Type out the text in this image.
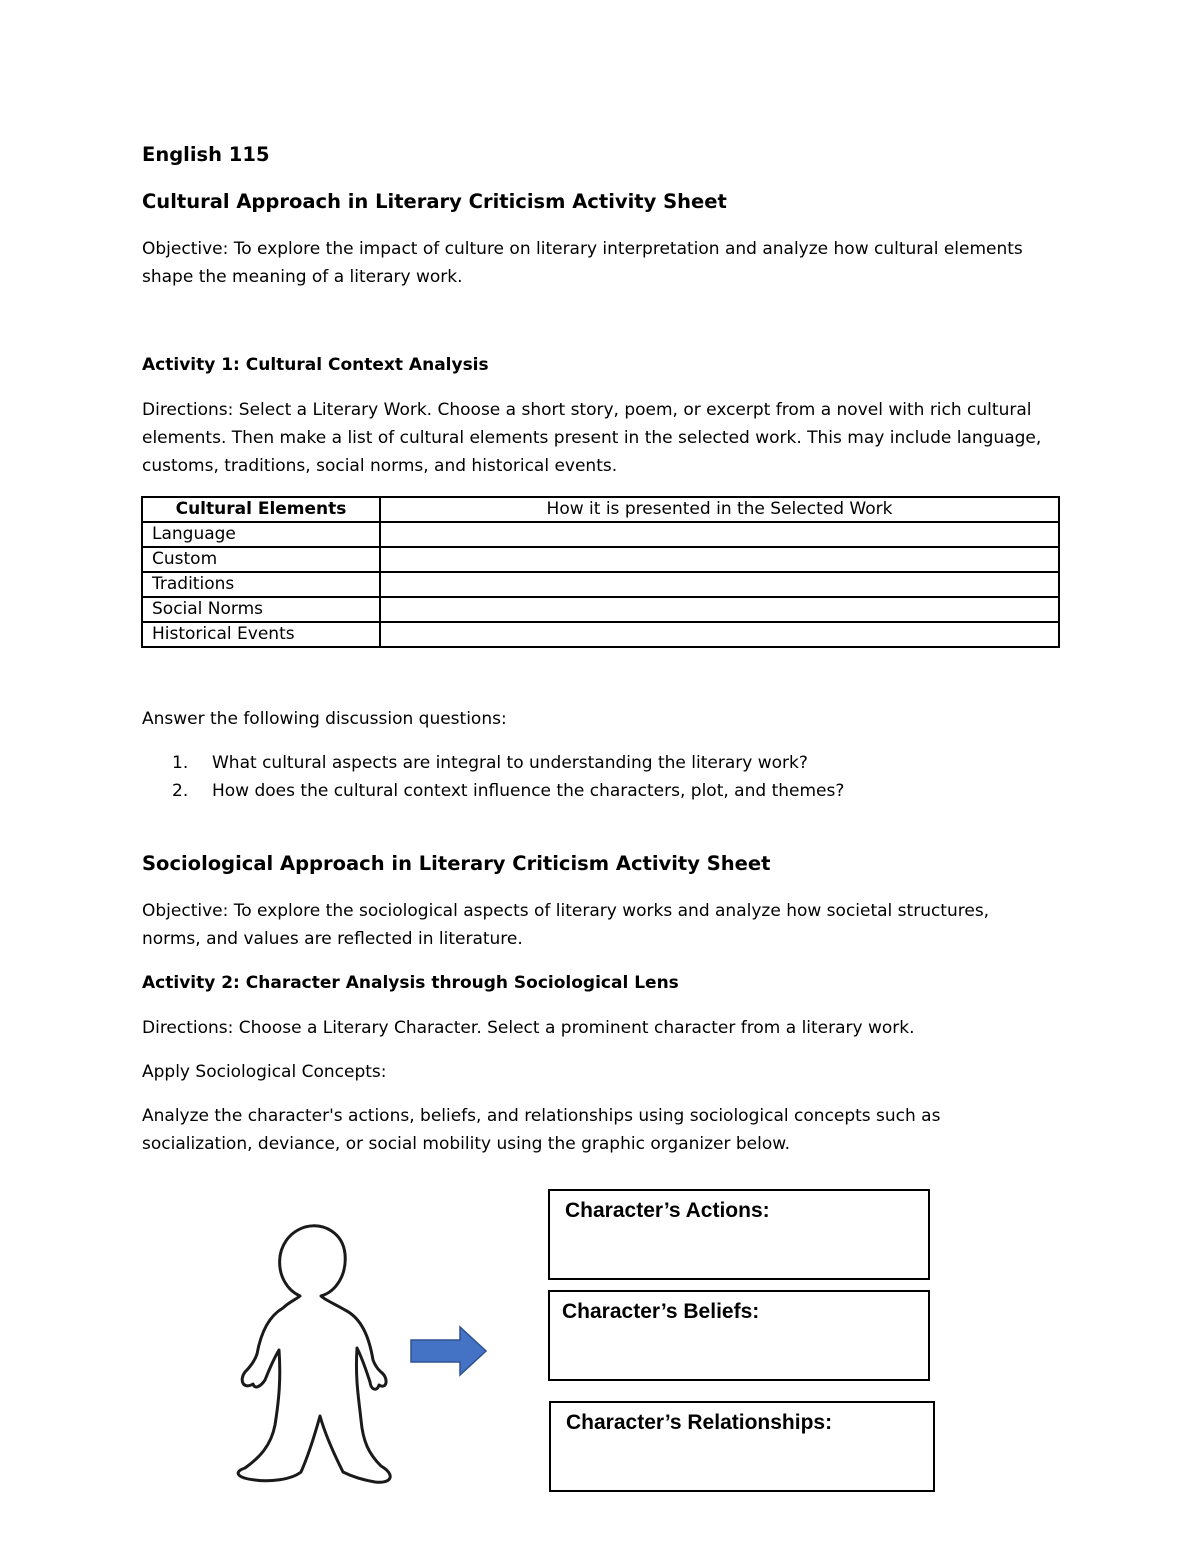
English 115
Cultural Approach in Literary Criticism Activity Sheet
Objective: To explore the impact of culture on literary interpretation and analyze how cultural elements
shape the meaning of a literary work.
Activity 1: Cultural Context Analysis
Directions: Select a Literary Work. Choose a short story, poem, or excerpt from a novel with rich cultural
elements. Then make a list of cultural elements present in the selected work. This may include language,
customs, traditions, social norms, and historical events.
Cultural Elements	How it is presented in the Selected Work
Language	
Custom	
Traditions	
Social Norms	
Historical Events	
Answer the following discussion questions:
1. What cultural aspects are integral to understanding the literary work?
2. How does the cultural context influence the characters, plot, and themes?
Sociological Approach in Literary Criticism Activity Sheet
Objective: To explore the sociological aspects of literary works and analyze how societal structures,
norms, and values are reflected in literature.
Activity 2: Character Analysis through Sociological Lens
Directions: Choose a Literary Character. Select a prominent character from a literary work.
Apply Sociological Concepts:
Analyze the character's actions, beliefs, and relationships using sociological concepts such as
socialization, deviance, or social mobility using the graphic organizer below.
Character’s Actions:
Character’s Beliefs:
Character’s Relationships:
